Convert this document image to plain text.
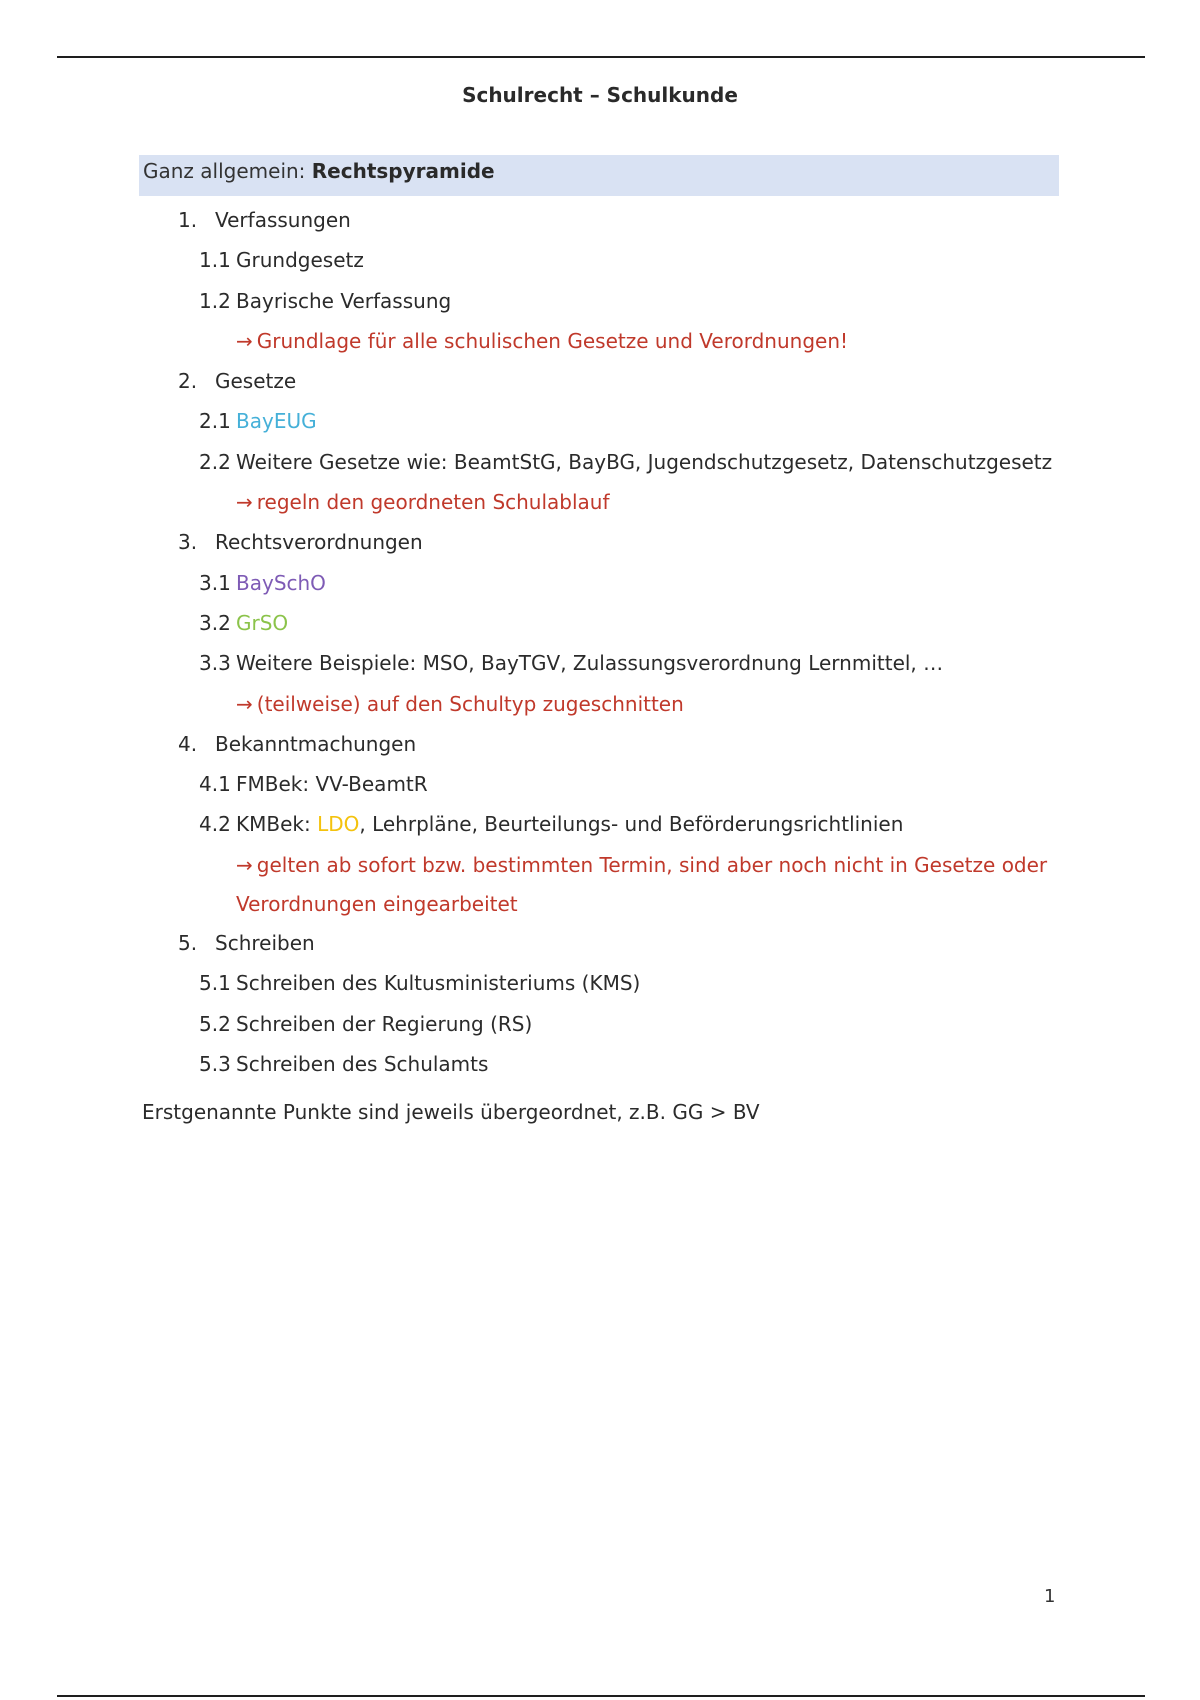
Schulrecht – Schulkunde
Ganz allgemein: Rechtspyramide
1. Verfassungen
1.1 Grundgesetz
1.2 Bayrische Verfassung
→ Grundlage für alle schulischen Gesetze und Verordnungen!
2. Gesetze
2.1 BayEUG
2.2 Weitere Gesetze wie: BeamtStG, BayBG, Jugendschutzgesetz, Datenschutzgesetz
→ regeln den geordneten Schulablauf
3. Rechtsverordnungen
3.1 BaySchO
3.2 GrSO
3.3 Weitere Beispiele: MSO, BayTGV, Zulassungsverordnung Lernmittel, …
→ (teilweise) auf den Schultyp zugeschnitten
4. Bekanntmachungen
4.1 FMBek: VV-BeamtR
4.2 KMBek: LDO, Lehrpläne, Beurteilungs- und Beförderungsrichtlinien
→ gelten ab sofort bzw. bestimmten Termin, sind aber noch nicht in Gesetze oder
Verordnungen eingearbeitet
5. Schreiben
5.1 Schreiben des Kultusministeriums (KMS)
5.2 Schreiben der Regierung (RS)
5.3 Schreiben des Schulamts
Erstgenannte Punkte sind jeweils übergeordnet, z.B. GG > BV
1
